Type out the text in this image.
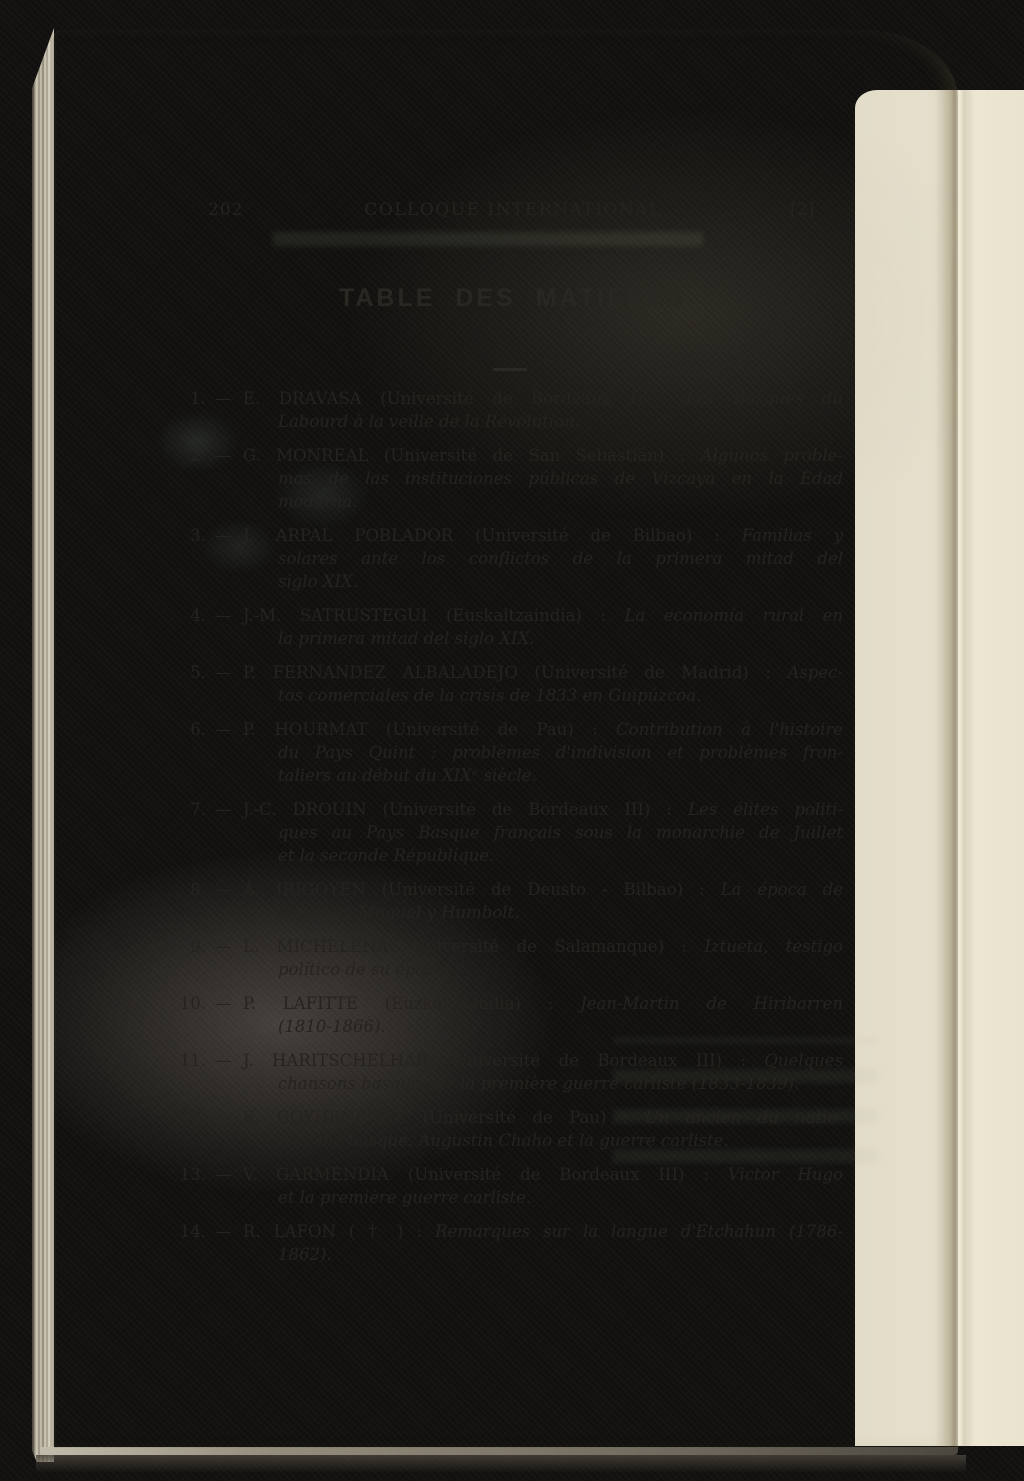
202	COLLOQUE INTERNATIONAL	[2]
TABLE DES MATIÈRES
1. — E. DRAVASA (Université de Bordeaux I) : Les Basques du
Labourd à la veille de la Révolution.
2. — G. MONREAL (Université de San Sebastián) : Algunos proble-
mas de las instituciones públicas de Vizcaya en la Edad
moderna.
3. — J. ARPAL POBLADOR (Université de Bilbao) : Familias y
solares ante los conflictos de la primera mitad del
siglo XIX.
4. — J.-M. SATRUSTEGUI (Euskaltzaindia) : La economía rural en
la primera mitad del siglo XIX.
5. — P. FERNANDEZ ALBALADEJO (Université de Madrid) : Aspec-
tos comerciales de la crisis de 1833 en Guipúzcoa.
6. — P. HOURMAT (Université de Pau) : Contribution à l'histoire
du Pays Quint : problèmes d'indivision et problèmes fron-
taliers au début du XIXᵉ siècle.
7. — J.-C. DROUIN (Université de Bordeaux III) : Les élites politi-
ques au Pays Basque français sous la monarchie de Juillet
et la seconde République.
8. — A. IRIGOYEN (Université de Deusto - Bilbao) : La época de
Astarloa, Moguel y Humbolt.
9. — L. MICHELENA (Université de Salamanque) : Iztueta, testigo
político de su época.
10. — P. LAFITTE (Euzkaltzaindia) : Jean-Martin de Hiribarren
(1810-1866).
11. — J. HARITSCHELHAR (Université de Bordeaux III) : Quelques
chansons basques de la première guerre carliste (1833-1839).
12. — E. GOYHENECHE (Université de Pau) : Un ancien du natio-
nalisme basque. Augustin Chaho et la guerre carliste.
13. — V. GARMENDIA (Université de Bordeaux III) : Victor Hugo
et la première guerre carliste.
14. — R. LAFON ( † ) : Remarques sur la langue d'Etchahun (1786-
1862).
